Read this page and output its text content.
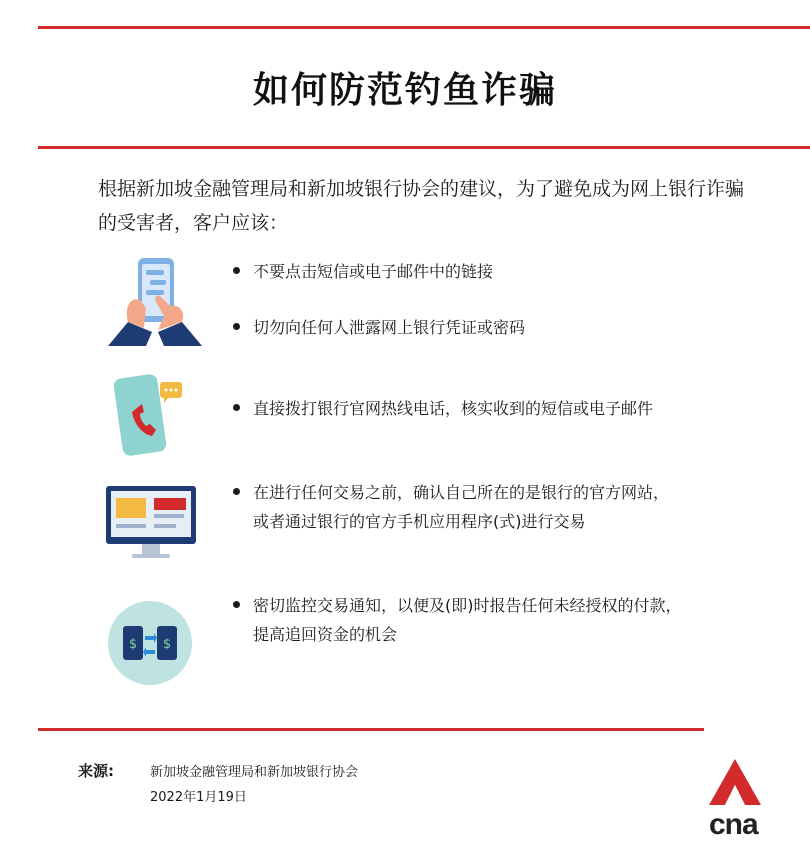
如何防范钓鱼诈骗
根据新加坡金融管理局和新加坡银行协会的建议，为了避免成为网上银行诈骗的受害者，客户应该：
$ $
不要点击短信或电子邮件中的链接
切勿向任何人泄露网上银行凭证或密码
直接拨打银行官网热线电话，核实收到的短信或电子邮件
在进行任何交易之前，确认自己所在的是银行的官方网站，
或者通过银行的官方手机应用程序(式)进行交易
密切监控交易通知，以便及(即)时报告任何未经授权的付款，
提高追回资金的机会
来源:	新加坡金融管理局和新加坡银行协会
2022年1月19日
cna
